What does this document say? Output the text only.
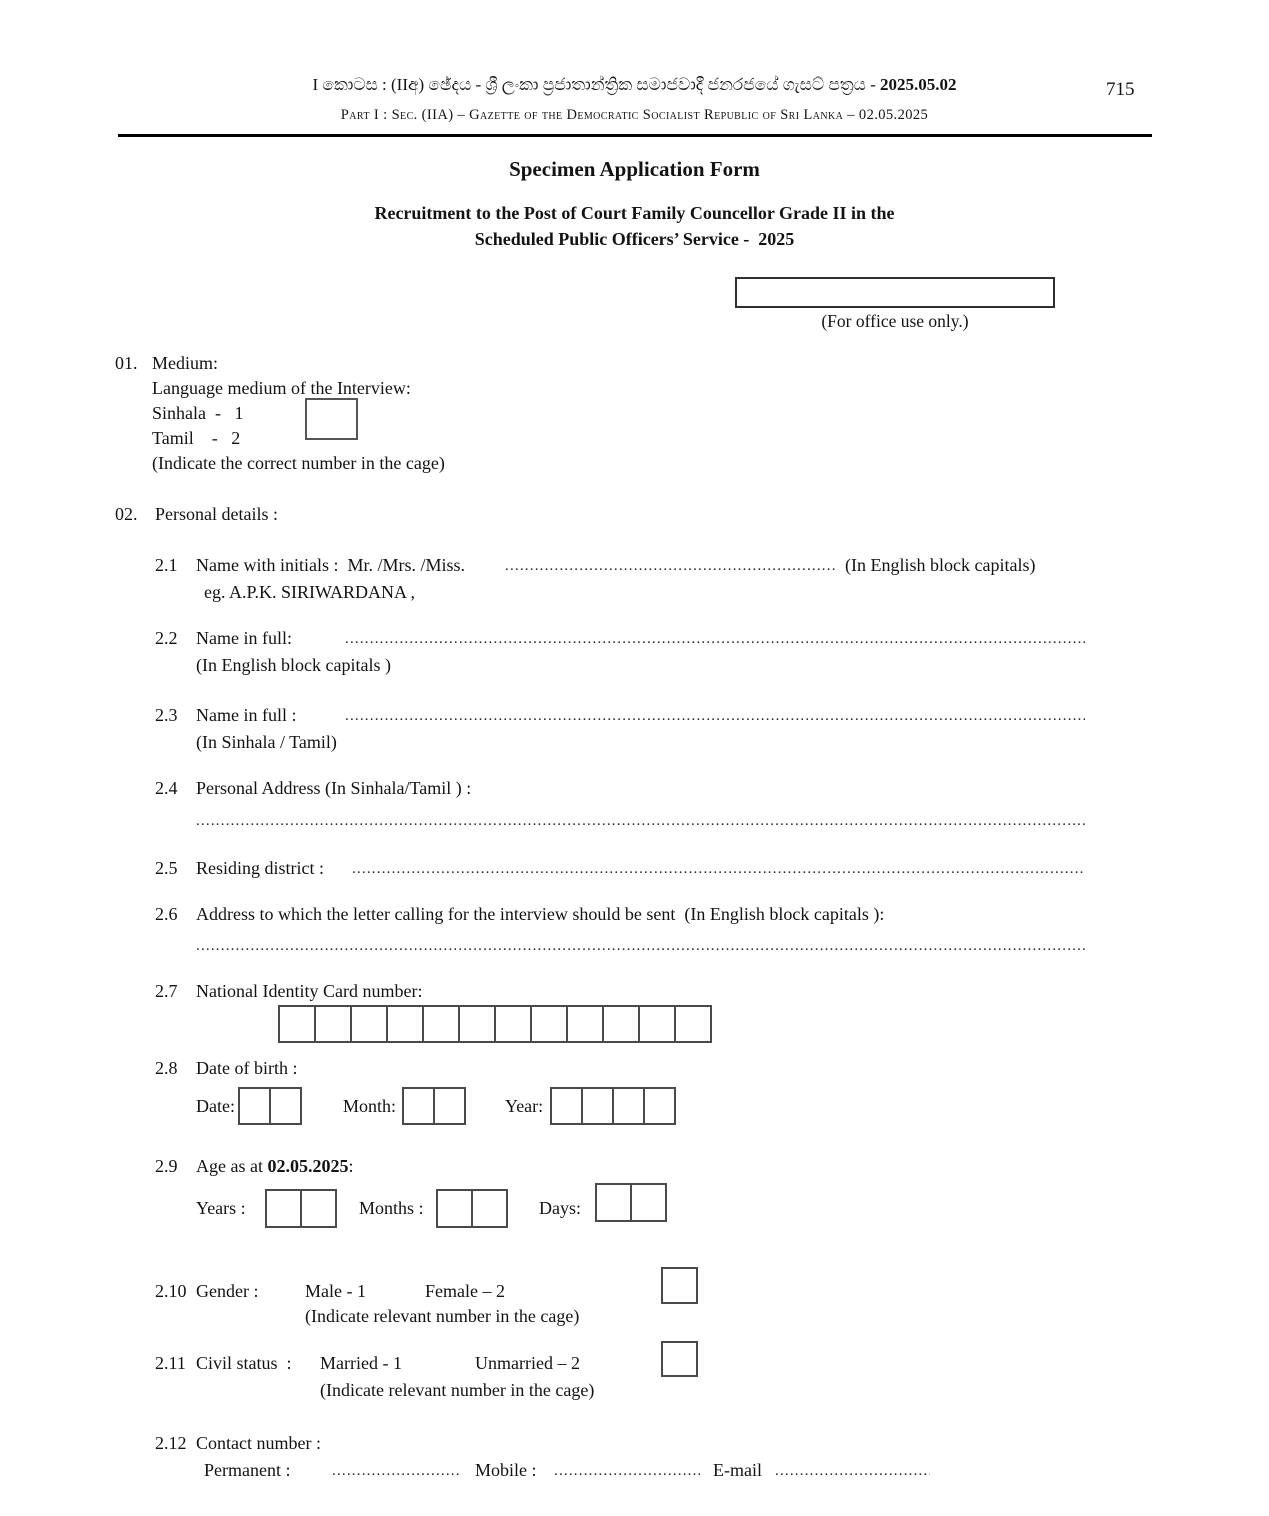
I කොටස : (IIඅ) ඡේදය - ශ්‍රී ලංකා ප්‍රජාතාන්ත්‍රික සමාජවාදී ජනරජයේ ගැසට් පත්‍රය - 2025.05.02	715
Part I : Sec. (IIA) – Gazette of the Democratic Socialist Republic of Sri Lanka – 02.05.2025
Specimen Application Form
Recruitment to the Post of Court Family Councellor Grade II in the
Scheduled Public Officers’ Service -  2025
(For office use only.)
01. Medium:
Language medium of the Interview:
Sinhala  -   1
Tamil    -   2
(Indicate the correct number in the cage)
02. Personal details :
2.1 Name with initials :  Mr. /Mrs. /Miss. .....	(In English block capitals)
eg. A.P.K. SIRIWARDANA ,
2.2 Name in full:
.....
(In English block capitals )
2.3 Name in full :
.....
(In Sinhala / Tamil)
2.4 Personal Address (In Sinhala/Tamil ) :
.....
2.5 Residing district :
.....
2.6 Address to which the letter calling for the interview should be sent  (In English block capitals ):
.....
2.7 National Identity Card number:
2.8 Date of birth :
Date:	Month:	Year:
2.9 Age as at 02.05.2025:
Years :	Months :	Days:
2.10 Gender :	Male - 1	Female – 2
(Indicate relevant number in the cage)
2.11 Civil status  : Married - 1	Unmarried – 2
(Indicate relevant number in the cage)
2.12 Contact number :
Permanent : .....	Mobile : .....	E-mail
.....
